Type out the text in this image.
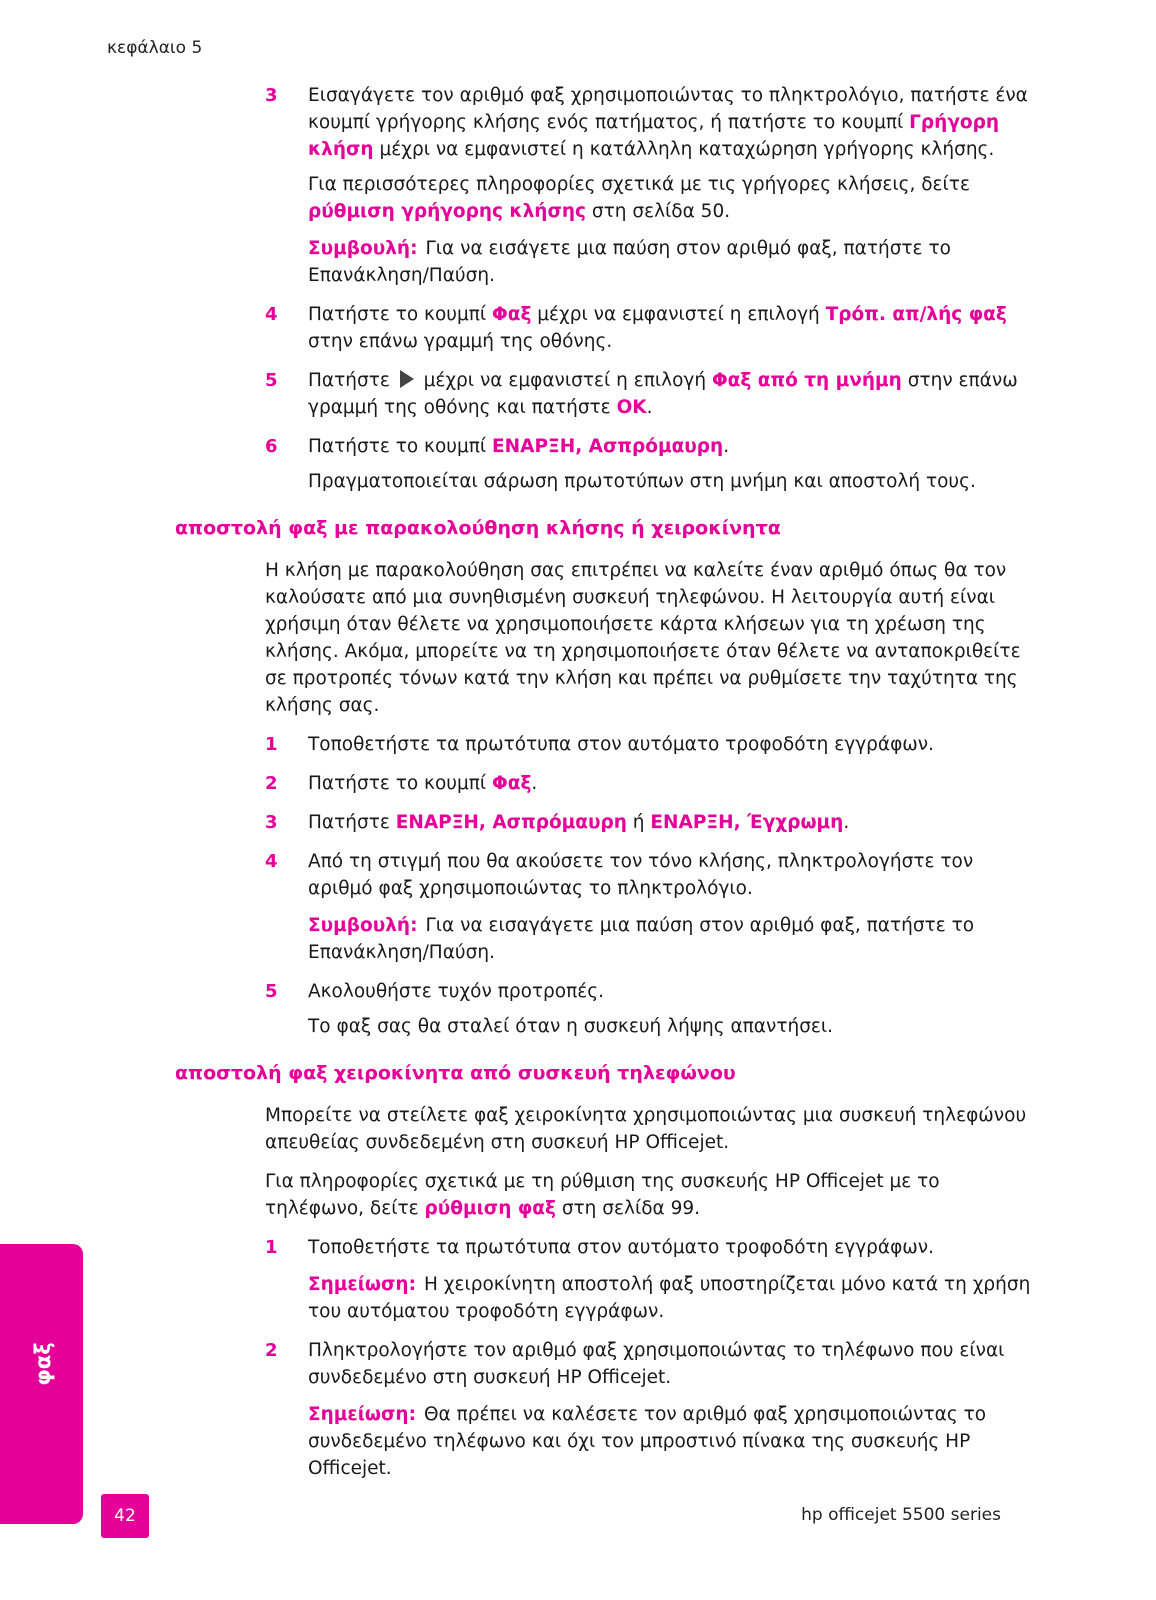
κεφάλαιο 5
3 Εισαγάγετε τον αριθμό φαξ χρησιμοποιώντας το πληκτρολόγιο, πατήστε ένα κουμπί γρήγορης κλήσης ενός πατήματος, ή πατήστε το κουμπί Γρήγορη κλήση μέχρι να εμφανιστεί η κατάλληλη καταχώρηση γρήγορης κλήσης.
Για περισσότερες πληροφορίες σχετικά με τις γρήγορες κλήσεις, δείτε ρύθμιση γρήγορης κλήσης στη σελίδα 50.
Συμβουλή: Για να εισάγετε μια παύση στον αριθμό φαξ, πατήστε το Επανάκληση/Παύση.
4 Πατήστε το κουμπί Φαξ μέχρι να εμφανιστεί η επιλογή Τρόπ. απ/λής φαξ στην επάνω γραμμή της οθόνης.
5 Πατήστε  μέχρι να εμφανιστεί η επιλογή Φαξ από τη μνήμη στην επάνω γραμμή της οθόνης και πατήστε OK.
6 Πατήστε το κουμπί ΕΝΑΡΞΗ, Ασπρόμαυρη.
Πραγματοποιείται σάρωση πρωτοτύπων στη μνήμη και αποστολή τους.
αποστολή φαξ με παρακολούθηση κλήσης ή χειροκίνητα
Η κλήση με παρακολούθηση σας επιτρέπει να καλείτε έναν αριθμό όπως θα τον καλούσατε από μια συνηθισμένη συσκευή τηλεφώνου. Η λειτουργία αυτή είναι χρήσιμη όταν θέλετε να χρησιμοποιήσετε κάρτα κλήσεων για τη χρέωση της κλήσης. Ακόμα, μπορείτε να τη χρησιμοποιήσετε όταν θέλετε να ανταποκριθείτε σε προτροπές τόνων κατά την κλήση και πρέπει να ρυθμίσετε την ταχύτητα της κλήσης σας.
1 Τοποθετήστε τα πρωτότυπα στον αυτόματο τροφοδότη εγγράφων.
2 Πατήστε το κουμπί Φαξ.
3 Πατήστε ΕΝΑΡΞΗ, Ασπρόμαυρη ή ΕΝΑΡΞΗ, Έγχρωμη.
4 Από τη στιγμή που θα ακούσετε τον τόνο κλήσης, πληκτρολογήστε τον αριθμό φαξ χρησιμοποιώντας το πληκτρολόγιο.
Συμβουλή: Για να εισαγάγετε μια παύση στον αριθμό φαξ, πατήστε το Επανάκληση/Παύση.
5 Ακολουθήστε τυχόν προτροπές.
Το φαξ σας θα σταλεί όταν η συσκευή λήψης απαντήσει.
αποστολή φαξ χειροκίνητα από συσκευή τηλεφώνου
Μπορείτε να στείλετε φαξ χειροκίνητα χρησιμοποιώντας μια συσκευή τηλεφώνου απευθείας συνδεδεμένη στη συσκευή HP Officejet.
Για πληροφορίες σχετικά με τη ρύθμιση της συσκευής HP Officejet με το τηλέφωνο, δείτε ρύθμιση φαξ στη σελίδα 99.
1 Τοποθετήστε τα πρωτότυπα στον αυτόματο τροφοδότη εγγράφων.
Σημείωση: Η χειροκίνητη αποστολή φαξ υποστηρίζεται μόνο κατά τη χρήση του αυτόματου τροφοδότη εγγράφων.
2 Πληκτρολογήστε τον αριθμό φαξ χρησιμοποιώντας το τηλέφωνο που είναι συνδεδεμένο στη συσκευή HP Officejet.
Σημείωση: Θα πρέπει να καλέσετε τον αριθμό φαξ χρησιμοποιώντας το συνδεδεμένο τηλέφωνο και όχι τον μπροστινό πίνακα της συσκευής HP Officejet.
φαξ
42	hp officejet 5500 series
